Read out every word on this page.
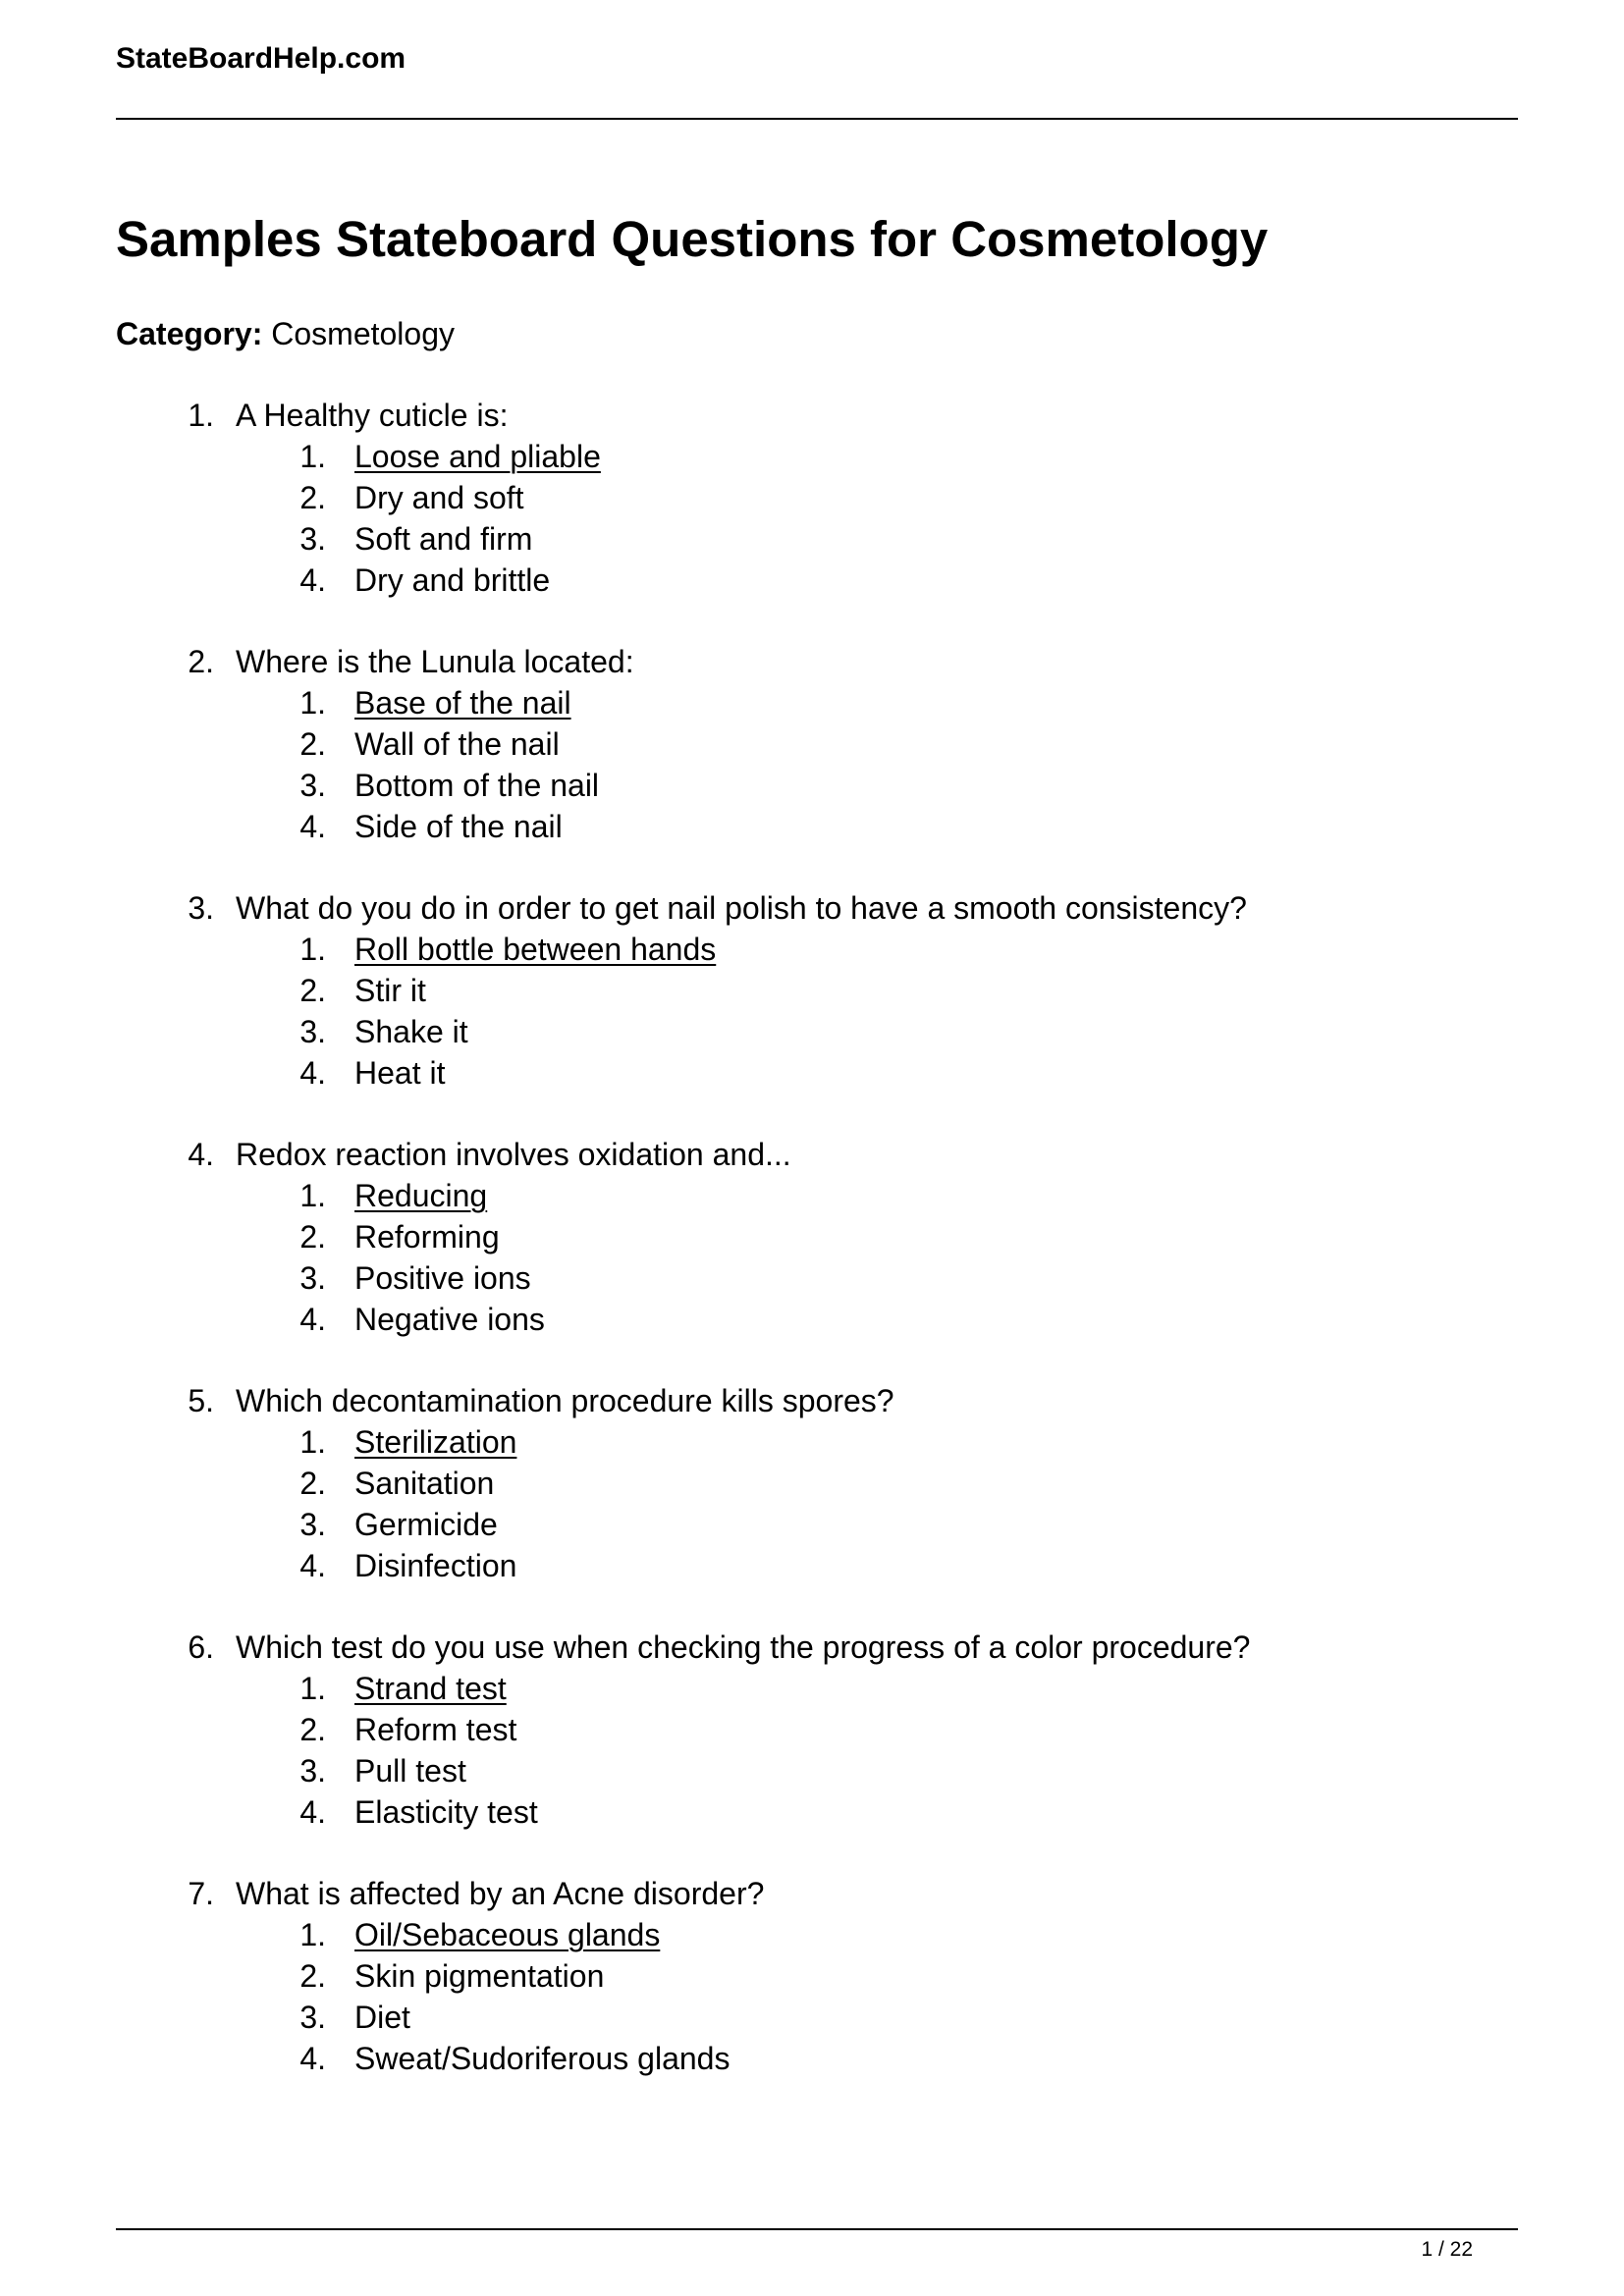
StateBoardHelp.com
Samples Stateboard Questions for Cosmetology
Category: Cosmetology
1. A Healthy cuticle is:
1. Loose and pliable
2. Dry and soft
3. Soft and firm
4. Dry and brittle
2. Where is the Lunula located:
1. Base of the nail
2. Wall of the nail
3. Bottom of the nail
4. Side of the nail
3. What do you do in order to get nail polish to have a smooth consistency?
1. Roll bottle between hands
2. Stir it
3. Shake it
4. Heat it
4. Redox reaction involves oxidation and...
1. Reducing
2. Reforming
3. Positive ions
4. Negative ions
5. Which decontamination procedure kills spores?
1. Sterilization
2. Sanitation
3. Germicide
4. Disinfection
6. Which test do you use when checking the progress of a color procedure?
1. Strand test
2. Reform test
3. Pull test
4. Elasticity test
7. What is affected by an Acne disorder?
1. Oil/Sebaceous glands
2. Skin pigmentation
3. Diet
4. Sweat/Sudoriferous glands
1 / 22
